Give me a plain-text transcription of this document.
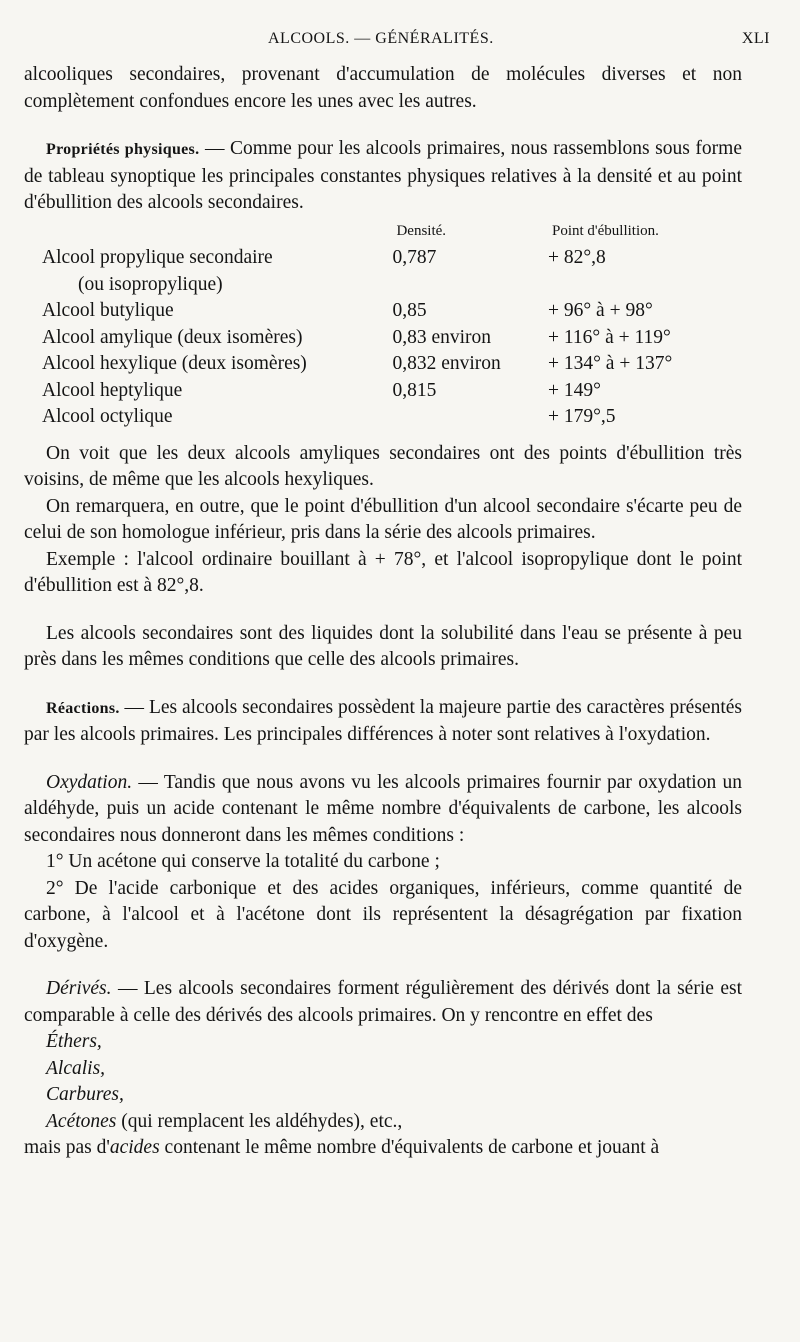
ALCOOLS. — GÉNÉRALITÉS.	XLI

alcooliques secondaires, provenant d'accumulation de molécules diverses et non complètement confondues encore les unes avec les autres.

Propriétés physiques. — Comme pour les alcools primaires, nous rassemblons sous forme de tableau synoptique les principales constantes physiques relatives à la densité et au point d'ébullition des alcools secondaires.

	Densité.	Point d'ébullition.
Alcool propylique secondaire	0,787	+ 82°,8
(ou isopropylique)		
Alcool butylique	0,85	+ 96° à + 98°
Alcool amylique (deux isomères)	0,83 environ	+ 116° à + 119°
Alcool hexylique (deux isomères)	0,832 environ	+ 134° à + 137°
Alcool heptylique	0,815	+ 149°
Alcool octylique		+ 179°,5

On voit que les deux alcools amyliques secondaires ont des points d'ébullition très voisins, de même que les alcools hexyliques.

On remarquera, en outre, que le point d'ébullition d'un alcool secondaire s'écarte peu de celui de son homologue inférieur, pris dans la série des alcools primaires.

Exemple : l'alcool ordinaire bouillant à + 78°, et l'alcool isopropylique dont le point d'ébullition est à 82°,8.

Les alcools secondaires sont des liquides dont la solubilité dans l'eau se présente à peu près dans les mêmes conditions que celle des alcools primaires.

Réactions. — Les alcools secondaires possèdent la majeure partie des caractères présentés par les alcools primaires. Les principales différences à noter sont relatives à l'oxydation.

Oxydation. — Tandis que nous avons vu les alcools primaires fournir par oxydation un aldéhyde, puis un acide contenant le même nombre d'équivalents de carbone, les alcools secondaires nous donneront dans les mêmes conditions :

1° Un acétone qui conserve la totalité du carbone ;

2° De l'acide carbonique et des acides organiques, inférieurs, comme quantité de carbone, à l'alcool et à l'acétone dont ils représentent la désagrégation par fixation d'oxygène.

Dérivés. — Les alcools secondaires forment régulièrement des dérivés dont la série est comparable à celle des dérivés des alcools primaires. On y rencontre en effet des

Éthers,

Alcalis,

Carbures,

Acétones (qui remplacent les aldéhydes), etc.,

mais pas d'acides contenant le même nombre d'équivalents de carbone et jouant à
